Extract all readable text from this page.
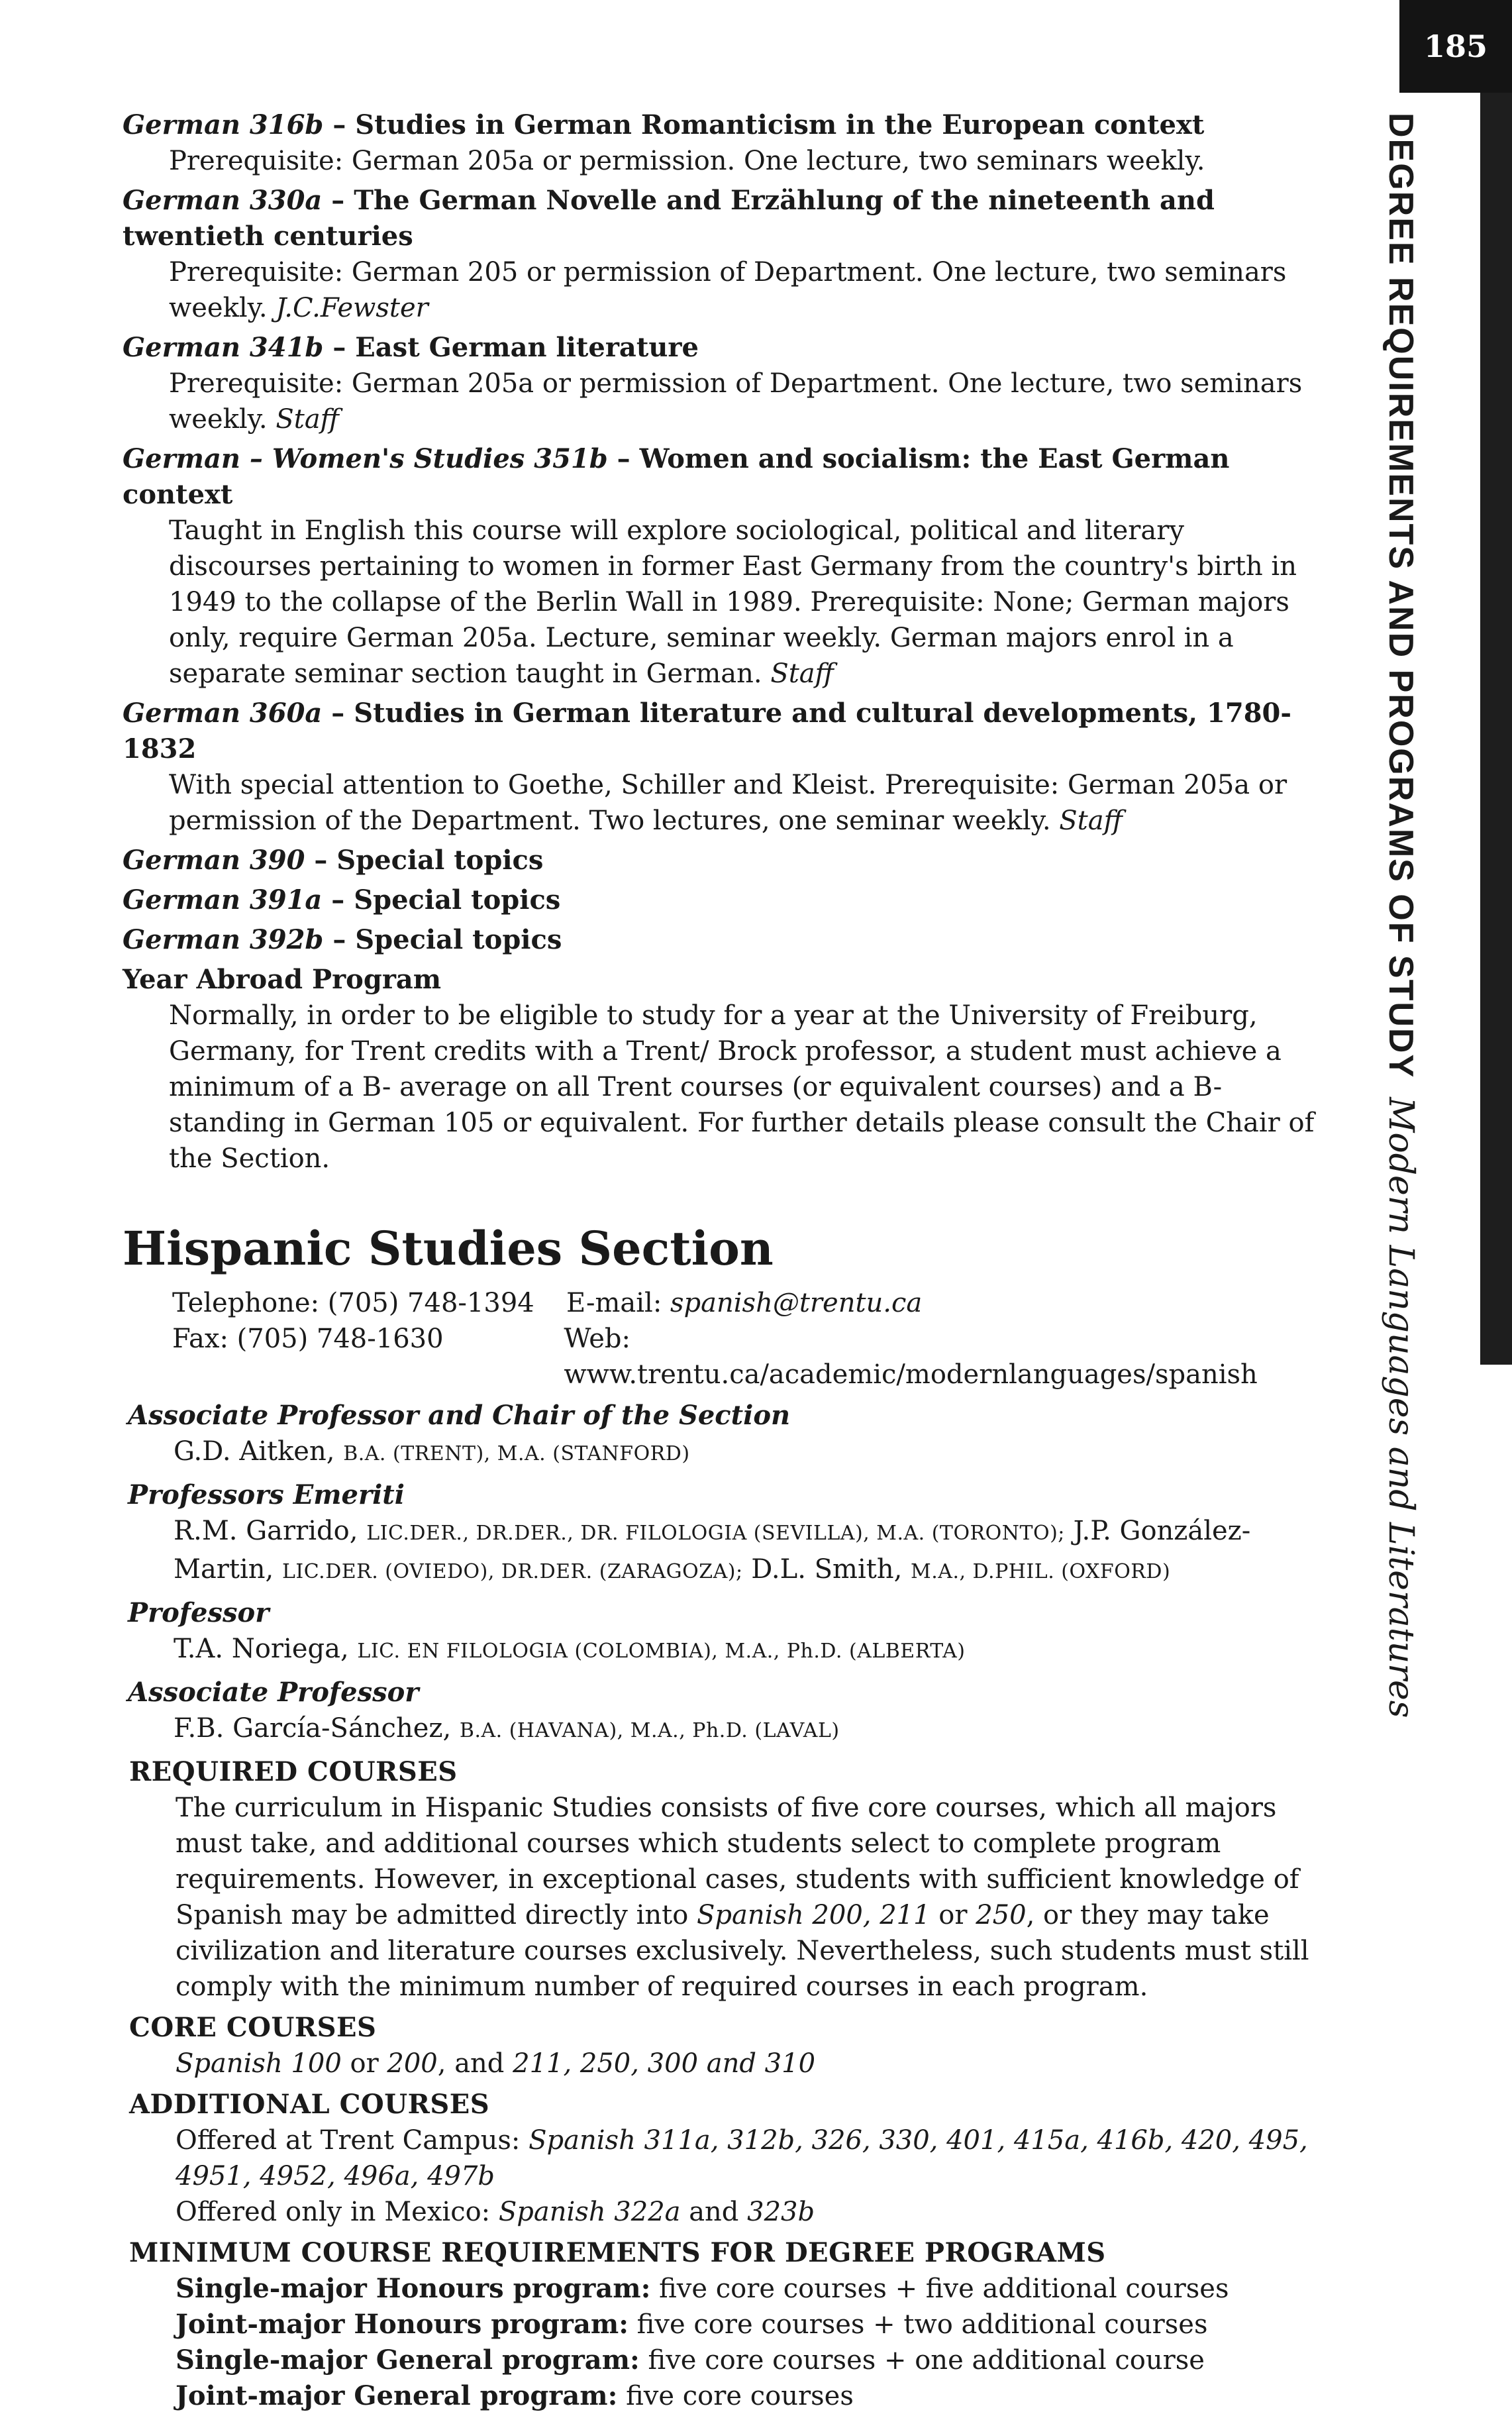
185
DEGREE REQUIREMENTS AND PROGRAMS OF STUDYModern Languages and Literatures

German 316b – Studies in German Romanticism in the European context

Prerequisite: German 205a or permission. One lecture, two seminars weekly.

German 330a – The German Novelle and Erzählung of the nineteenth and twentieth centuries

Prerequisite: German 205 or permission of Department. One lecture, two seminars weekly. J.C.Fewster

German 341b – East German literature

Prerequisite: German 205a or permission of Department. One lecture, two seminars weekly. Staff

German – Women's Studies 351b – Women and socialism: the East German context

Taught in English this course will explore sociological, political and literary discourses pertaining to women in former East Germany from the country's birth in 1949 to the collapse of the Berlin Wall in 1989. Prerequisite: None; German majors only, require German 205a. Lecture, seminar weekly. German majors enrol in a separate seminar section taught in German. Staff

German 360a – Studies in German literature and cultural developments, 1780-1832

With special attention to Goethe, Schiller and Kleist. Prerequisite: German 205a or permission of the Department. Two lectures, one seminar weekly. Staff

German 390 – Special topics

German 391a – Special topics

German 392b – Special topics

Year Abroad Program

Normally, in order to be eligible to study for a year at the University of Freiburg, Germany, for Trent credits with a Trent/ Brock professor, a student must achieve a minimum of a B- average on all Trent courses (or equivalent courses) and a B- standing in German 105 or equivalent. For further details please consult the Chair of the Section.

Hispanic Studies Section
Telephone: (705) 748-1394	E-mail: spanish@trentu.ca
Fax: (705) 748-1630	Web: www.trentu.ca/academic/modernlanguages/spanish

Associate Professor and Chair of the Section

G.D. Aitken, B.A. (TRENT), M.A. (STANFORD)

Professors Emeriti

R.M. Garrido, LIC.DER., DR.DER., DR. FILOLOGIA (SEVILLA), M.A. (TORONTO); J.P. González-Martin, LIC.DER. (OVIEDO), DR.DER. (ZARAGOZA); D.L. Smith, M.A., D.PHIL. (OXFORD)

Professor

T.A. Noriega, LIC. EN FILOLOGIA (COLOMBIA), M.A., Ph.D. (ALBERTA)

Associate Professor

F.B. García-Sánchez, B.A. (HAVANA), M.A., Ph.D. (LAVAL)

REQUIRED COURSES

The curriculum in Hispanic Studies consists of five core courses, which all majors must take, and additional courses which students select to complete program requirements. However, in exceptional cases, students with sufficient knowledge of Spanish may be admitted directly into Spanish 200, 211 or 250, or they may take civilization and literature courses exclusively. Nevertheless, such students must still comply with the minimum number of required courses in each program.

CORE COURSES

Spanish 100 or 200, and 211, 250, 300 and 310

ADDITIONAL COURSES

Offered at Trent Campus: Spanish 311a, 312b, 326, 330, 401, 415a, 416b, 420, 495, 4951, 4952, 496a, 497b

Offered only in Mexico: Spanish 322a and 323b

MINIMUM COURSE REQUIREMENTS FOR DEGREE PROGRAMS

Single-major Honours program: five core courses + five additional courses

Joint-major Honours program: five core courses + two additional courses

Single-major General program: five core courses + one additional course

Joint-major General program: five core courses
